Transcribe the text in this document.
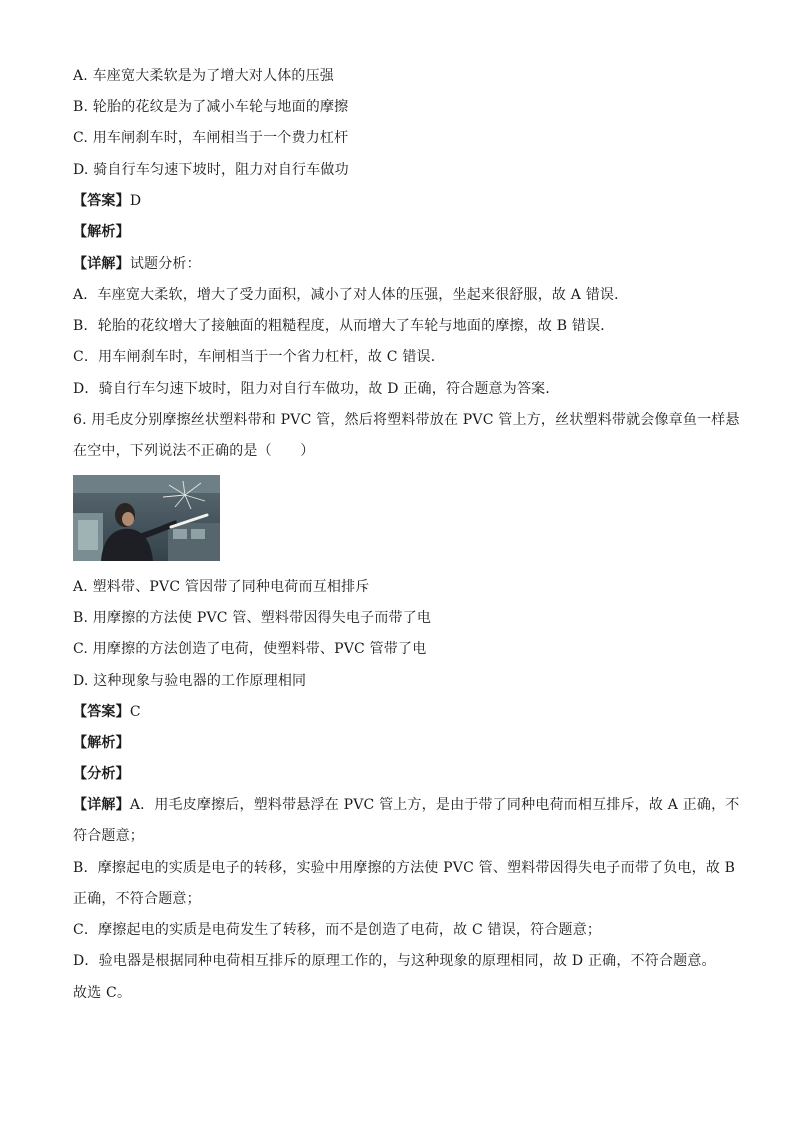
A. 车座宽大柔软是为了增大对人体的压强
B. 轮胎的花纹是为了减小车轮与地面的摩擦
C. 用车闸刹车时，车闸相当于一个费力杠杆
D. 骑自行车匀速下坡时，阻力对自行车做功
【答案】D
【解析】
【详解】试题分析：
A．车座宽大柔软，增大了受力面积，减小了对人体的压强，坐起来很舒服，故 A 错误．
B．轮胎的花纹增大了接触面的粗糙程度，从而增大了车轮与地面的摩擦，故 B 错误．
C．用车闸刹车时，车闸相当于一个省力杠杆，故 C 错误．
D．骑自行车匀速下坡时，阻力对自行车做功，故 D 正确，符合题意为答案．
6. 用毛皮分别摩擦丝状塑料带和 PVC 管，然后将塑料带放在 PVC 管上方，丝状塑料带就会像章鱼一样悬
在空中，下列说法不正确的是（　　）
A. 塑料带、PVC 管因带了同种电荷而互相排斥
B. 用摩擦的方法使 PVC 管、塑料带因得失电子而带了电
C. 用摩擦的方法创造了电荷，使塑料带、PVC 管带了电
D. 这种现象与验电器的工作原理相同
【答案】C
【解析】
【分析】
【详解】A．用毛皮摩擦后，塑料带悬浮在 PVC 管上方，是由于带了同种电荷而相互排斥，故 A 正确，不
符合题意；
B．摩擦起电的实质是电子的转移，实验中用摩擦的方法使 PVC 管、塑料带因得失电子而带了负电，故 B
正确，不符合题意；
C．摩擦起电的实质是电荷发生了转移，而不是创造了电荷，故 C 错误，符合题意；
D．验电器是根据同种电荷相互排斥的原理工作的，与这种现象的原理相同，故 D 正确，不符合题意。
故选 C。
